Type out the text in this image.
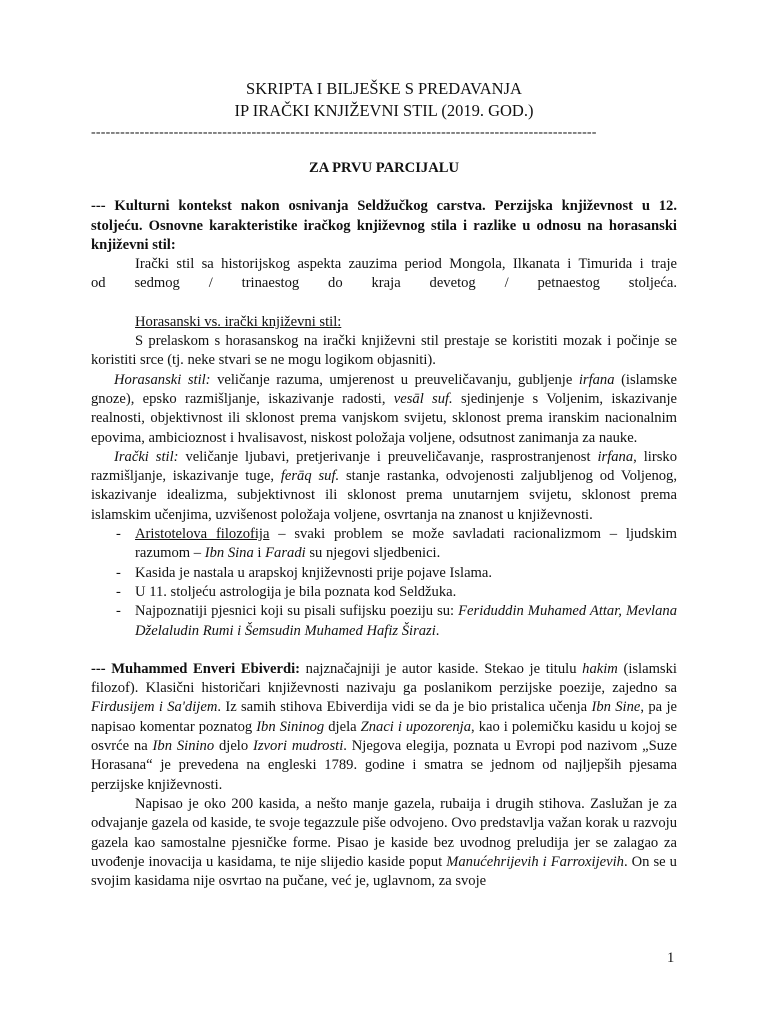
SKRIPTA I BILJEŠKE S PREDAVANJA
IP IRAČKI KNJIŽEVNI STIL (2019. GOD.)
--------------------------------------------------------------------------------------------------------
ZA PRVU PARCIJALU

--- Kulturni kontekst nakon osnivanja Seldžučkog carstva. Perzijska književnost u 12. stoljeću. Osnovne karakteristike iračkog književnog stila i razlike u odnosu na horasanski književni stil:

Irački stil sa historijskog aspekta zauzima period Mongola, Ilkanata i Timurida i traje

od sedmog / trinaestog do kraja devetog / petnaestog stoljeća.

Horasanski vs. irački književni stil:

S prelaskom s horasanskog na irački književni stil prestaje se koristiti mozak i počinje se koristiti srce (tj. neke stvari se ne mogu logikom objasniti).

Horasanski stil: veličanje razuma, umjerenost u preuveličavanju, gubljenje irfana (islamske gnoze), epsko razmišljanje, iskazivanje radosti, vesāl suf. sjedinjenje s Voljenim, iskazivanje realnosti, objektivnost ili sklonost prema vanjskom svijetu, sklonost prema iranskim nacionalnim epovima, ambicioznost i hvalisavost, niskost položaja voljene, odsutnost zanimanja za nauke.

Irački stil: veličanje ljubavi, pretjerivanje i preuveličavanje, rasprostranjenost irfana, lirsko razmišljanje, iskazivanje tuge, ferāq suf. stanje rastanka, odvojenosti zaljubljenog od Voljenog, iskazivanje idealizma, subjektivnost ili sklonost prema unutarnjem svijetu, sklonost prema islamskim učenjima, uzvišenost položaja voljene, osvrtanja na znanost u književnosti.

- Aristotelova filozofija – svaki problem se može savladati racionalizmom – ljudskim razumom – Ibn Sina i Faradi su njegovi sljedbenici.
- Kasida je nastala u arapskoj književnosti prije pojave Islama.
- U 11. stoljeću astrologija je bila poznata kod Seldžuka.
- Najpoznatiji pjesnici koji su pisali sufijsku poeziju su: Feriduddin Muhamed Attar, Mevlana Dželaludin Rumi i Šemsudin Muhamed Hafiz Širazi.

--- Muhammed Enveri Ebiverdi: najznačajniji je autor kaside. Stekao je titulu hakim (islamski filozof). Klasični historičari književnosti nazivaju ga poslanikom perzijske poezije, zajedno sa Firdusijem i Sa'dijem. Iz samih stihova Ebiverdija vidi se da je bio pristalica učenja Ibn Sine, pa je napisao komentar poznatog Ibn Sininog djela Znaci i upozorenja, kao i polemičku kasidu u kojoj se osvrće na Ibn Sinino djelo Izvori mudrosti. Njegova elegija, poznata u Evropi pod nazivom „Suze Horasana“ je prevedena na engleski 1789. godine i smatra se jednom od najljepših pjesama perzijske književnosti.

Napisao je oko 200 kasida, a nešto manje gazela, rubaija i drugih stihova. Zaslužan je za odvajanje gazela od kaside, te svoje tegazzule piše odvojeno. Ovo predstavlja važan korak u razvoju gazela kao samostalne pjesničke forme. Pisao je kaside bez uvodnog preludija jer se zalagao za uvođenje inovacija u kasidama, te nije slijedio kaside poput Manućehrijevih i Farroxijevih. On se u svojim kasidama nije osvrtao na pučane, već je, uglavnom, za svoje

1
